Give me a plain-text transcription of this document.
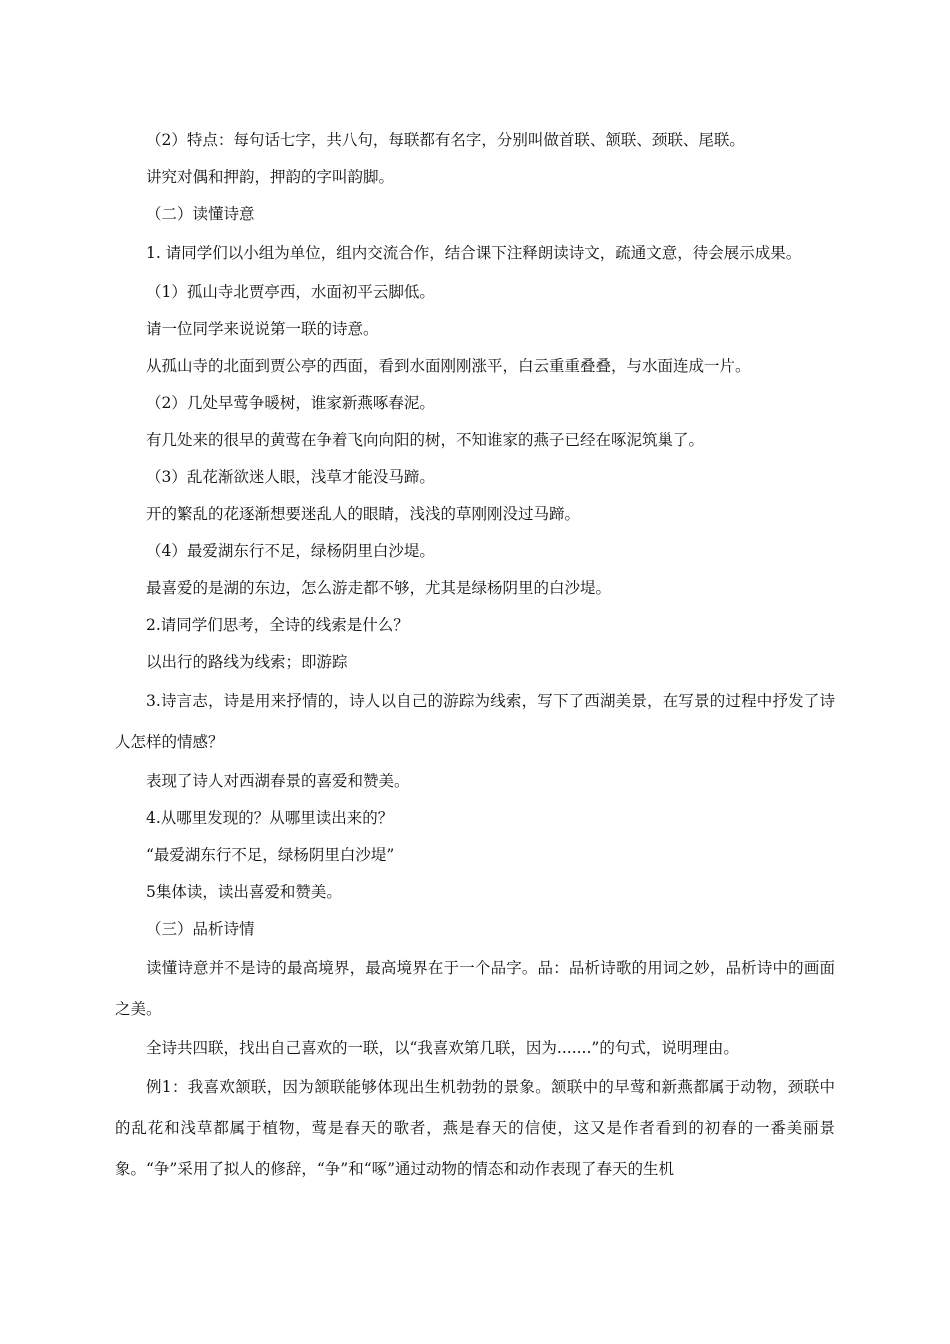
（2）特点：每句话七字，共八句，每联都有名字，分别叫做首联、颔联、颈联、尾联。

讲究对偶和押韵，押韵的字叫韵脚。

（二）读懂诗意

1. 请同学们以小组为单位，组内交流合作，结合课下注释朗读诗文，疏通文意，待会展示成果。

（1）孤山寺北贾亭西，水面初平云脚低。

请一位同学来说说第一联的诗意。

从孤山寺的北面到贾公亭的西面，看到水面刚刚涨平，白云重重叠叠，与水面连成一片。

（2）几处早莺争暖树，谁家新燕啄春泥。

有几处来的很早的黄莺在争着飞向向阳的树，不知谁家的燕子已经在啄泥筑巢了。

（3）乱花渐欲迷人眼，浅草才能没马蹄。

开的繁乱的花逐渐想要迷乱人的眼睛，浅浅的草刚刚没过马蹄。

（4）最爱湖东行不足，绿杨阴里白沙堤。

最喜爱的是湖的东边，怎么游走都不够，尤其是绿杨阴里的白沙堤。

2.请同学们思考，全诗的线索是什么？

以出行的路线为线索；即游踪

3.诗言志，诗是用来抒情的，诗人以自己的游踪为线索，写下了西湖美景，在写景的过程中抒发了诗人怎样的情感？

表现了诗人对西湖春景的喜爱和赞美。

4.从哪里发现的？从哪里读出来的？

“最爱湖东行不足，绿杨阴里白沙堤”

5集体读，读出喜爱和赞美。

（三）品析诗情

读懂诗意并不是诗的最高境界，最高境界在于一个品字。品：品析诗歌的用词之妙，品析诗中的画面之美。

全诗共四联，找出自己喜欢的一联，以“我喜欢第几联，因为.......”的句式，说明理由。

例1：我喜欢颔联，因为颔联能够体现出生机勃勃的景象。颔联中的早莺和新燕都属于动物，颈联中的乱花和浅草都属于植物，莺是春天的歌者，燕是春天的信使，这又是作者看到的初春的一番美丽景象。“争”采用了拟人的修辞，“争”和“啄”通过动物的情态和动作表现了春天的生机
